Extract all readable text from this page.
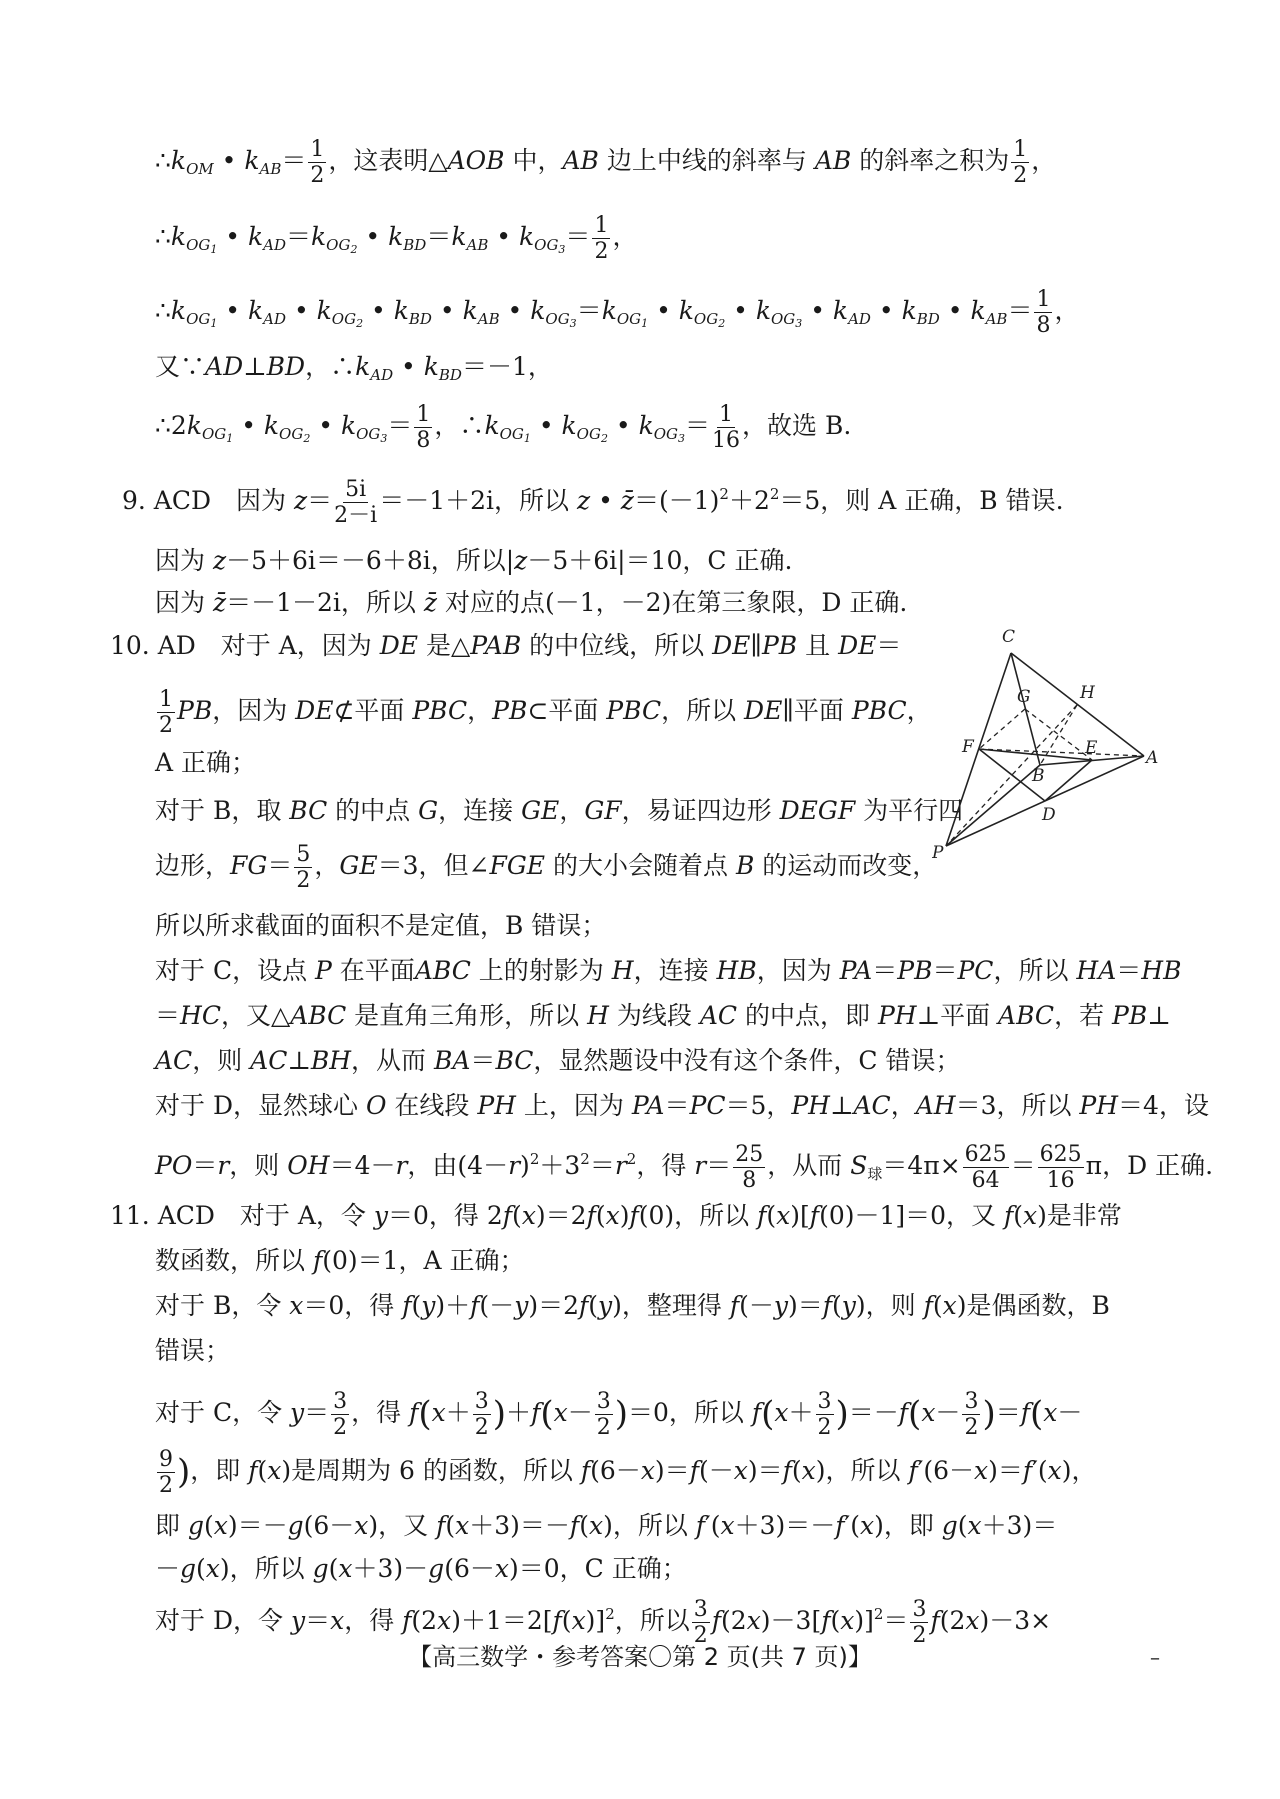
$\therefore k_{OM}$ • $k_{AB}= \frac{1}{2}$ ，这表明△AOB 中，AB 边上中线的斜率与 AB 的斜率之积为 $\frac{1}{2}$ ，
$\therefore k_{OG_1}$ • $k_{AD}=k_{OG_2}$ • $k_{BD}=k_{AB}$ • $k_{OG_3}= \frac{1}{2}$ ，
$\therefore k_{OG_1}$ • $k_{AD}$ • $k_{OG_2}$ • $k_{BD}$ • $k_{AB}$ • $k_{OG_3}=k_{OG_1}$ • $k_{OG_2}$ • $k_{OG_3}$ • $k_{AD}$ • $k_{BD}$ • $k_{AB}= \frac{1}{8}$ ，
又∵AD⊥BD，$\therefore k_{AD}$ • $k_{BD}=-1$，
$\therefore 2k_{OG_1}$ • $k_{OG_2}$ • $k_{OG_3}= \frac{1}{8}$ ，$\therefore k_{OG_1}$ • $k_{OG_2}$ • $k_{OG_3}= \frac{1}{16}$ ，故选 B.
9. ACD　因为 $z= \frac{5i}{2-i} =-1+2i$，所以 z • $z̄=(-1)^2+2^2=5$，则 A 正确，B 错误.
因为 z－5＋6i＝－6＋8i，所以|z－5＋6i|＝10，C 正确.
因为 z̄＝－1－2i，所以 z̄ 对应的点(－1，－2)在第三象限，D 正确.
10. AD　对于 A，因为 DE 是△PAB 的中位线，所以 DE∥PB 且 DE＝
$\frac{1}{2}$ PB，因为 DE⊄平面 PBC，PB⊂平面 PBC，所以 DE∥平面 PBC，
A 正确；
对于 B，取 BC 的中点 G，连接 GE，GF，易证四边形 DEGF 为平行四
边形，$FG= \frac{5}{2}$ ，GE＝3，但∠FGE 的大小会随着点 B 的运动而改变，
所以所求截面的面积不是定值，B 错误；
对于 C，设点 P 在平面ABC 上的射影为 H，连接 HB，因为 PA＝PB＝PC，所以 HA＝HB
＝HC，又△ABC 是直角三角形，所以 H 为线段 AC 的中点，即 PH⊥平面 ABC，若 PB⊥
AC，则 AC⊥BH，从而 BA＝BC，显然题设中没有这个条件，C 错误；
对于 D，显然球心 O 在线段 PH 上，因为 PA＝PC＝5，PH⊥AC，AH＝3，所以 PH＝4，设
PO＝r，则 OH＝4－r，由$(4-r)^2+3^2=r^2$，得 $r= \frac{25}{8}$ ，从而 $S_球=4\pi\times \frac{625}{64} = \frac{625}{16}$ π，D 正确.
11. ACD　对于 A，令 y＝0，得 2f(x)＝2f(x)f(0)，所以 f(x)[f(0)－1]＝0，又 f(x)是非常
数函数，所以 f(0)＝1，A 正确；
对于 B，令 x＝0，得 f(y)＋f(－y)＝2f(y)，整理得 f(－y)＝f(y)，则 f(x)是偶函数，B
错误；
对于 C，令 $y= \frac{3}{2}$ ，得 $f(x+ \frac{3}{2} )+f(x- \frac{3}{2} )=0$，所以 $f(x+ \frac{3}{2} )=-f(x- \frac{3}{2} )=f(x-$
$\frac{9}{2}$ )，即 f(x)是周期为 6 的函数，所以 f(6－x)＝f(－x)＝f(x)，所以 f′(6－x)＝f′(x)，
即 g(x)＝－g(6－x)，又 f(x＋3)＝－f(x)，所以 f′(x＋3)＝－f′(x)，即 g(x＋3)＝
－g(x)，所以 g(x＋3)－g(6－x)＝0，C 正确；
对于 D，令 y＝x，得 $f(2x)+1=2[f(x)]^2$，所以 $\frac{3}{2} f(2x)-3[f(x)]^2= \frac{3}{2} f(2x)-3\times$
C
G	H
F	E	A
B
D
P
【高三数学・参考答案〇第 2 页(共 7 页)】	–
